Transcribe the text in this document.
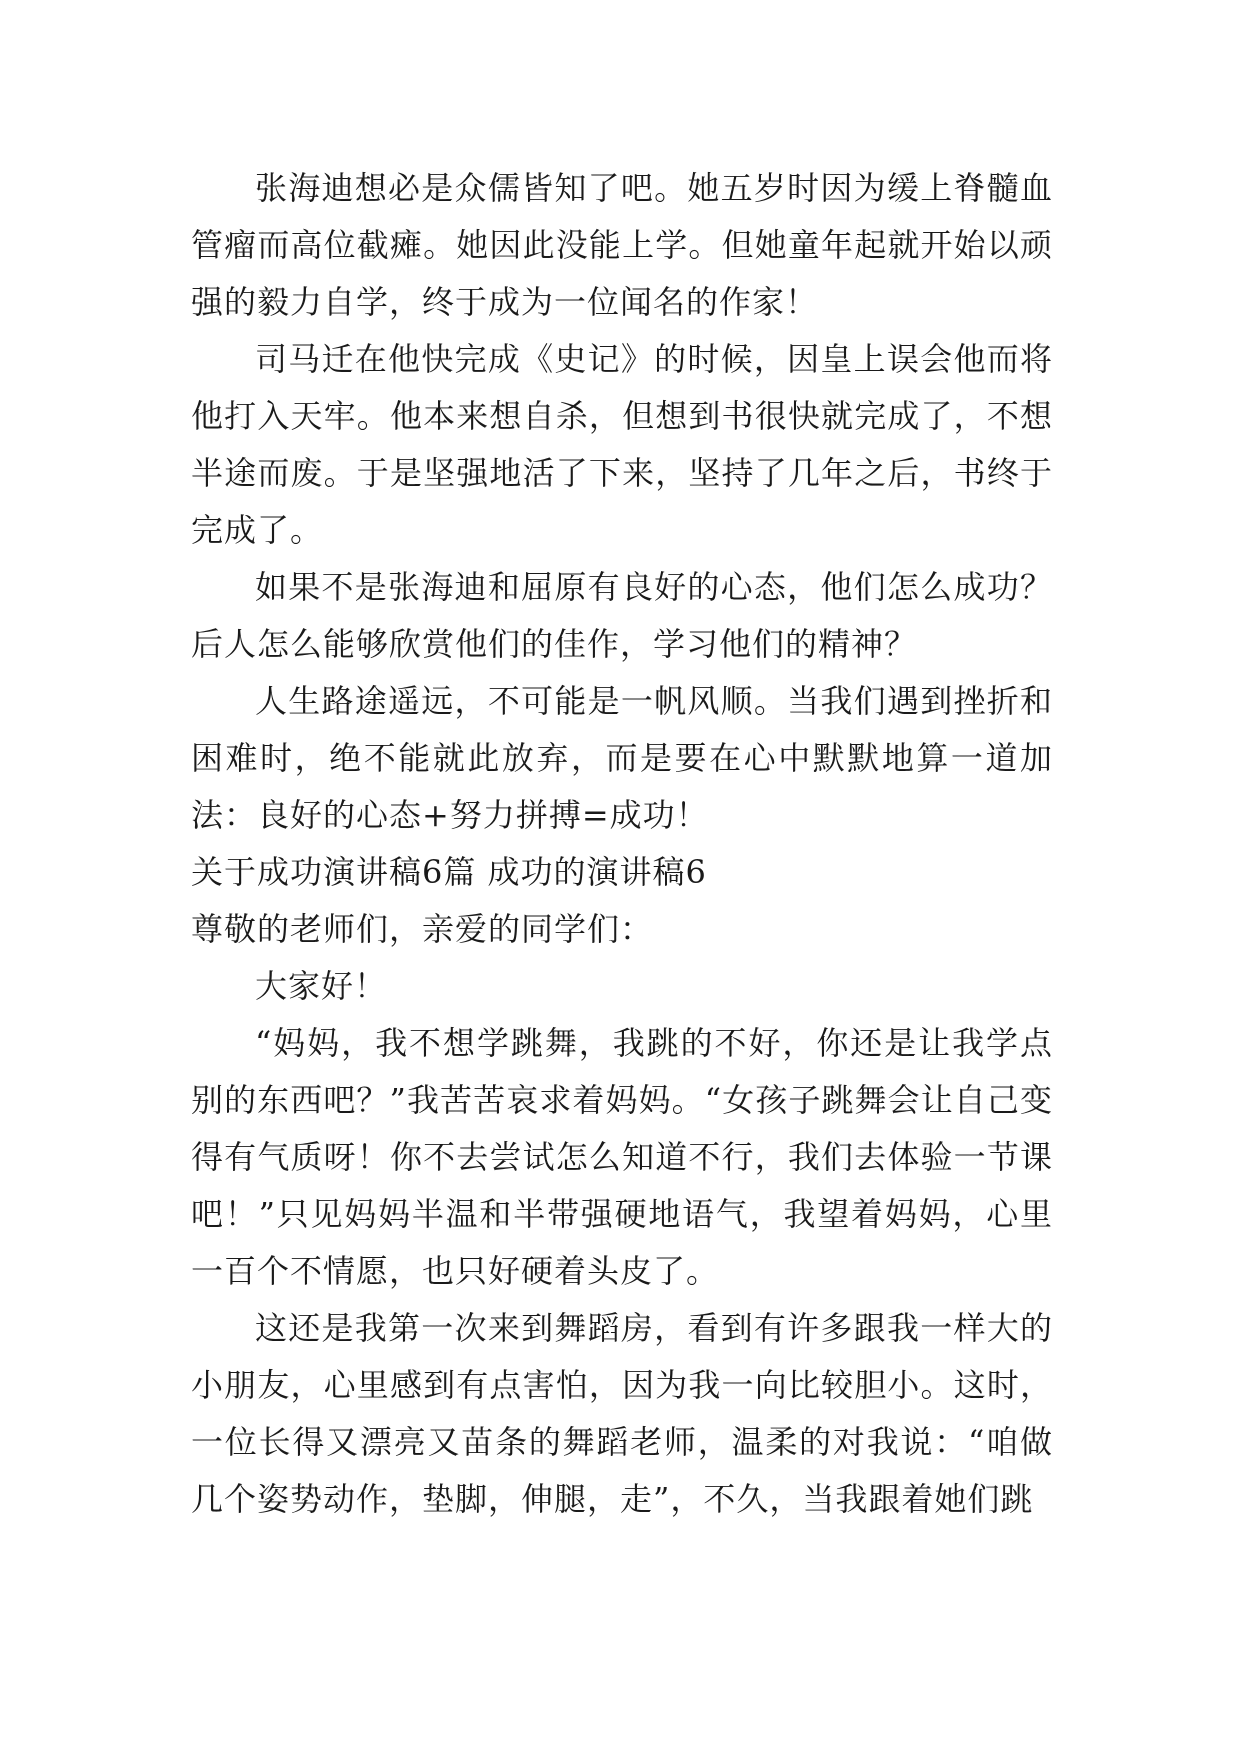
张海迪想必是众儒皆知了吧。她五岁时因为缓上脊髓血管瘤而高位截瘫。她因此没能上学。但她童年起就开始以顽强的毅力自学，终于成为一位闻名的作家！

司马迁在他快完成《史记》的时候，因皇上误会他而将他打入天牢。他本来想自杀，但想到书很快就完成了，不想半途而废。于是坚强地活了下来，坚持了几年之后，书终于完成了。

如果不是张海迪和屈原有良好的心态，他们怎么成功？后人怎么能够欣赏他们的佳作，学习他们的精神？

人生路途遥远，不可能是一帆风顺。当我们遇到挫折和困难时，绝不能就此放弃，而是要在心中默默地算一道加法：良好的心态+努力拼搏=成功！

关于成功演讲稿6篇 成功的演讲稿6

尊敬的老师们，亲爱的同学们：

大家好！

“妈妈，我不想学跳舞，我跳的不好，你还是让我学点别的东西吧？”我苦苦哀求着妈妈。“女孩子跳舞会让自己变得有气质呀！你不去尝试怎么知道不行，我们去体验一节课吧！”只见妈妈半温和半带强硬地语气，我望着妈妈，心里一百个不情愿，也只好硬着头皮了。

这还是我第一次来到舞蹈房，看到有许多跟我一样大的小朋友，心里感到有点害怕，因为我一向比较胆小。这时，一位长得又漂亮又苗条的舞蹈老师，温柔的对我说：“咱做几个姿势动作，垫脚，伸腿，走”，不久，当我跟着她们跳
